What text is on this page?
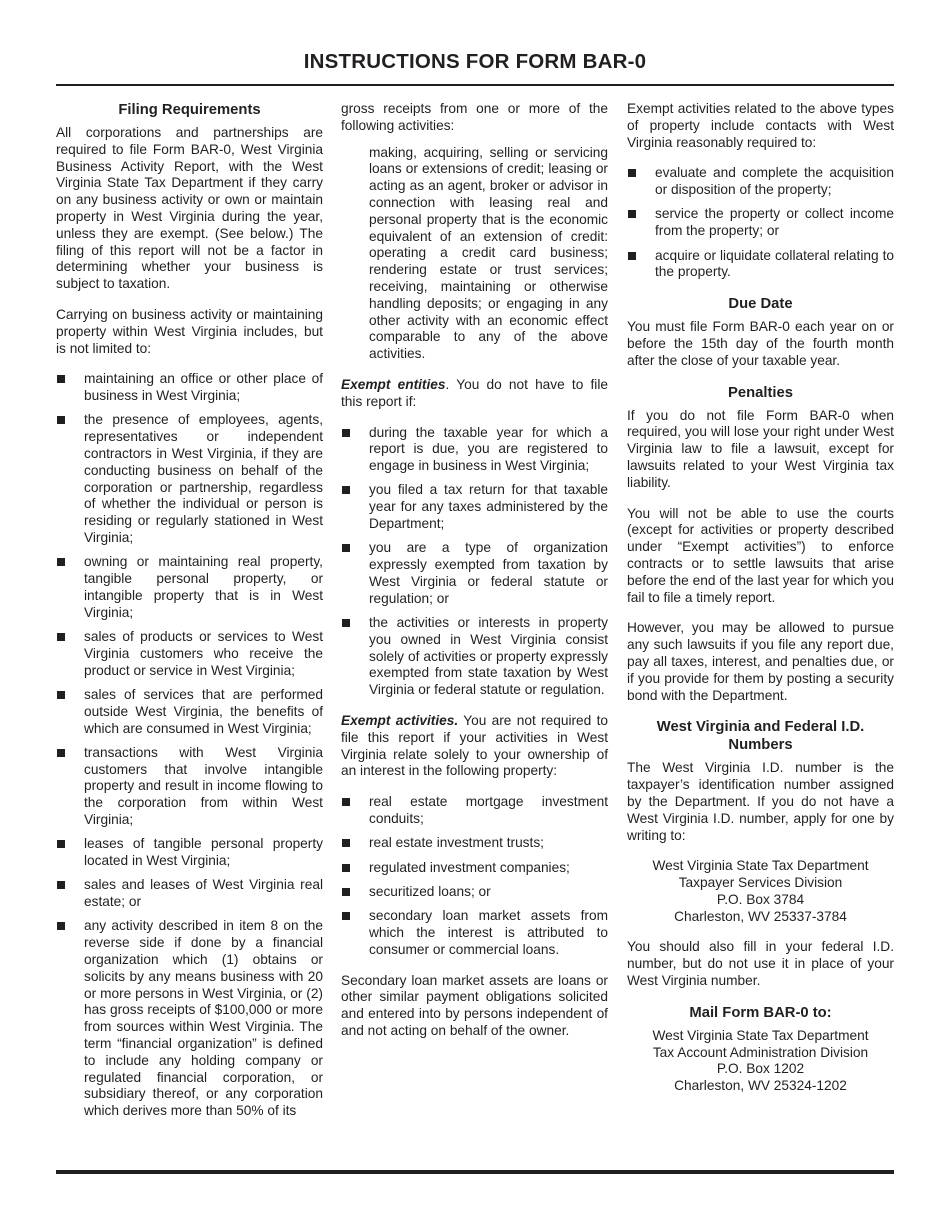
INSTRUCTIONS FOR FORM BAR-0
Filing Requirements

All corporations and partnerships are required to file Form BAR-0, West Virginia Business Activity Report, with the West Virginia State Tax Department if they carry on any business activity or own or maintain property in West Virginia during the year, unless they are exempt. (See below.) The filing of this report will not be a factor in determining whether your business is subject to taxation.

Carrying on business activity or maintaining property within West Virginia includes, but is not limited to:

maintaining an office or other place of business in West Virginia;
the presence of employees, agents, representatives or independent contractors in West Virginia, if they are conducting business on behalf of the corporation or partnership, regardless of whether the individual or person is residing or regularly stationed in West Virginia;
owning or maintaining real property, tangible personal property, or intangible property that is in West Virginia;
sales of products or services to West Virginia customers who receive the product or service in West Virginia;
sales of services that are performed outside West Virginia, the benefits of which are consumed in West Virginia;
transactions with West Virginia customers that involve intangible property and result in income flowing to the corporation from within West Virginia;
leases of tangible personal property located in West Virginia;
sales and leases of West Virginia real estate; or
any activity described in item 8 on the reverse side if done by a financial organization which (1) obtains or solicits by any means business with 20 or more persons in West Virginia, or (2) has gross receipts of $100,000 or more from sources within West Virginia. The term “financial organization” is defined to include any holding company or regulated financial corporation, or subsidiary thereof, or any corporation which derives more than 50% of its

gross receipts from one or more of the following activities:

making, acquiring, selling or servicing loans or extensions of credit; leasing or acting as an agent, broker or advisor in connection with leasing real and personal property that is the economic equivalent of an extension of credit: operating a credit card business; rendering estate or trust services; receiving, maintaining or otherwise handling deposits; or engaging in any other activity with an economic effect comparable to any of the above activities.

Exempt entities. You do not have to file this report if:

during the taxable year for which a report is due, you are registered to engage in business in West Virginia;
you filed a tax return for that taxable year for any taxes administered by the Department;
you are a type of organization expressly exempted from taxation by West Virginia or federal statute or regulation; or
the activities or interests in property you owned in West Virginia consist solely of activities or property expressly exempted from state taxation by West Virginia or federal statute or regulation.

Exempt activities. You are not required to file this report if your activities in West Virginia relate solely to your ownership of an interest in the following property:

real estate mortgage investment conduits;
real estate investment trusts;
regulated investment companies;
securitized loans; or
secondary loan market assets from which the interest is attributed to consumer or commercial loans.

Secondary loan market assets are loans or other similar payment obligations solicited and entered into by persons independent of and not acting on behalf of the owner.

Exempt activities related to the above types of property include contacts with West Virginia reasonably required to:

evaluate and complete the acquisition or disposition of the property;
service the property or collect income from the property; or
acquire or liquidate collateral relating to the property.
Due Date

You must file Form BAR-0 each year on or before the 15th day of the fourth month after the close of your taxable year.

Penalties

If you do not file Form BAR-0 when required, you will lose your right under West Virginia law to file a lawsuit, except for lawsuits related to your West Virginia tax liability.

You will not be able to use the courts (except for activities or property described under “Exempt activities”) to enforce contracts or to settle lawsuits that arise before the end of the last year for which you fail to file a timely report.

However, you may be allowed to pursue any such lawsuits if you file any report due, pay all taxes, interest, and penalties due, or if you provide for them by posting a security bond with the Department.

West Virginia and Federal I.D. Numbers

The West Virginia I.D. number is the taxpayer’s identification number assigned by the Department. If you do not have a West Virginia I.D. number, apply for one by writing to:

West Virginia State Tax Department
Taxpayer Services Division
P.O. Box 3784
Charleston, WV 25337-3784

You should also fill in your federal I.D. number, but do not use it in place of your West Virginia number.

Mail Form BAR-0 to:
West Virginia State Tax Department
Tax Account Administration Division
P.O. Box 1202
Charleston, WV 25324-1202
